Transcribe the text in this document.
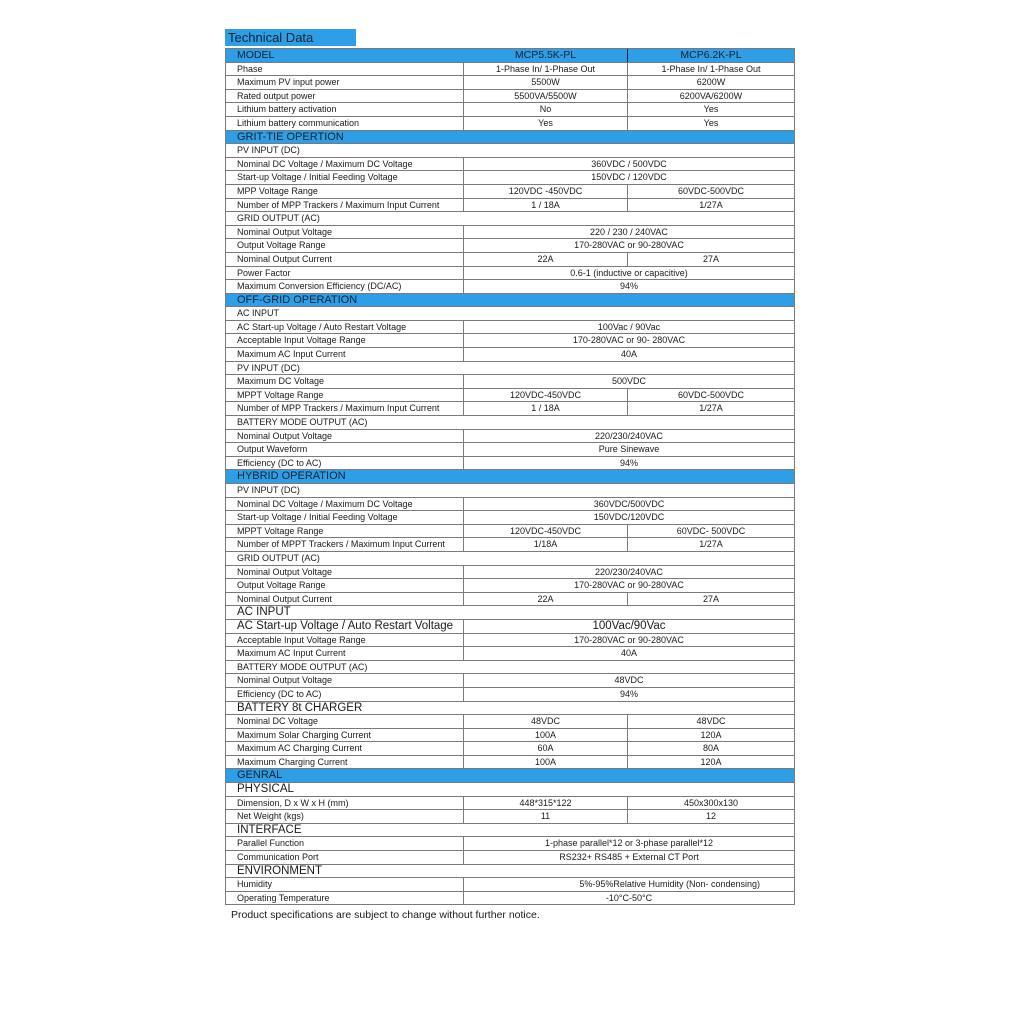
Technical Data
MODEL	MCP5.5K-PL	MCP6.2K-PL
Phase	1-Phase In/ 1-Phase Out	1-Phase In/ 1-Phase Out
Maximum PV input power	5500W	6200W
Rated output power	5500VA/5500W	6200VA/6200W
Lithium battery activation	No	Yes
Lithium battery communication	Yes	Yes
GRIT-TIE OPERTION
PV INPUT (DC)
Nominal DC Voltage / Maximum DC Voltage	360VDC / 500VDC
Start-up Voltage / Initial Feeding Voltage	150VDC / 120VDC
MPP Voltage Range	120VDC -450VDC	60VDC-500VDC
Number of MPP Trackers / Maximum Input Current	1 / 18A	1/27A
GRID OUTPUT (AC)
Nominal Output Voltage	220 / 230 / 240VAC
Output Voltage Range	170-280VAC or 90-280VAC
Nominal Output Current	22A	27A
Power Factor	0.6-1 (inductive or capacitive)
Maximum Conversion Efficiency (DC/AC)	94%
OFF-GRID OPERATION
AC INPUT
AC Start-up Voltage / Auto Restart Voltage	100Vac / 90Vac
Acceptable Input Voltage Range	170-280VAC or 90- 280VAC
Maximum AC Input Current	40A
PV INPUT (DC)
Maximum DC Voltage	500VDC
MPPT Voltage Range	120VDC-450VDC	60VDC-500VDC
Number of MPP Trackers / Maximum Input Current	1 / 18A	1/27A
BATTERY MODE OUTPUT (AC)
Nominal Output Voltage	220/230/240VAC
Output Waveform	Pure Sinewave
Efficiency (DC to AC)	94%
HYBRID OPERATION
PV INPUT (DC)
Nominal DC Voltage / Maximum DC Voltage	360VDC/500VDC
Start-up Voltage / Initial Feeding Voltage	150VDC/120VDC
MPPT Voltage Range	120VDC-450VDC	60VDC- 500VDC
Number of MPPT Trackers / Maximum Input Current	1/18A	1/27A
GRID OUTPUT (AC)
Nominal Output Voltage	220/230/240VAC
Output Voltage Range	170-280VAC or 90-280VAC
Nominal Output Current	22A	27A
AC INPUT
AC Start-up Voltage / Auto Restart Voltage	100Vac/90Vac
Acceptable Input Voltage Range	170-280VAC or 90-280VAC
Maximum AC Input Current	40A
BATTERY MODE OUTPUT (AC)
Nominal Output Voltage	48VDC
Efficiency (DC to AC)	94%
BATTERY 8t CHARGER
Nominal DC Voltage	48VDC	48VDC
Maximum Solar Charging Current	100A	120A
Maximum AC Charging Current	60A	80A
Maximum Charging Current	100A	120A
GENRAL
PHYSICAL
Dimension, D x W x H (mm)	448*315*122	450x300x130
Net Weight (kgs)	11	12
INTERFACE
Parallel Function	1-phase parallel*12 or 3-phase parallel*12
Communication Port	RS232+ RS485 + External CT Port
ENVIRONMENT
Humidity	5%-95%Relative Humidity (Non- condensing)
Operating Temperature	-10°C-50°C
Product specifications are subject to change without further notice.
